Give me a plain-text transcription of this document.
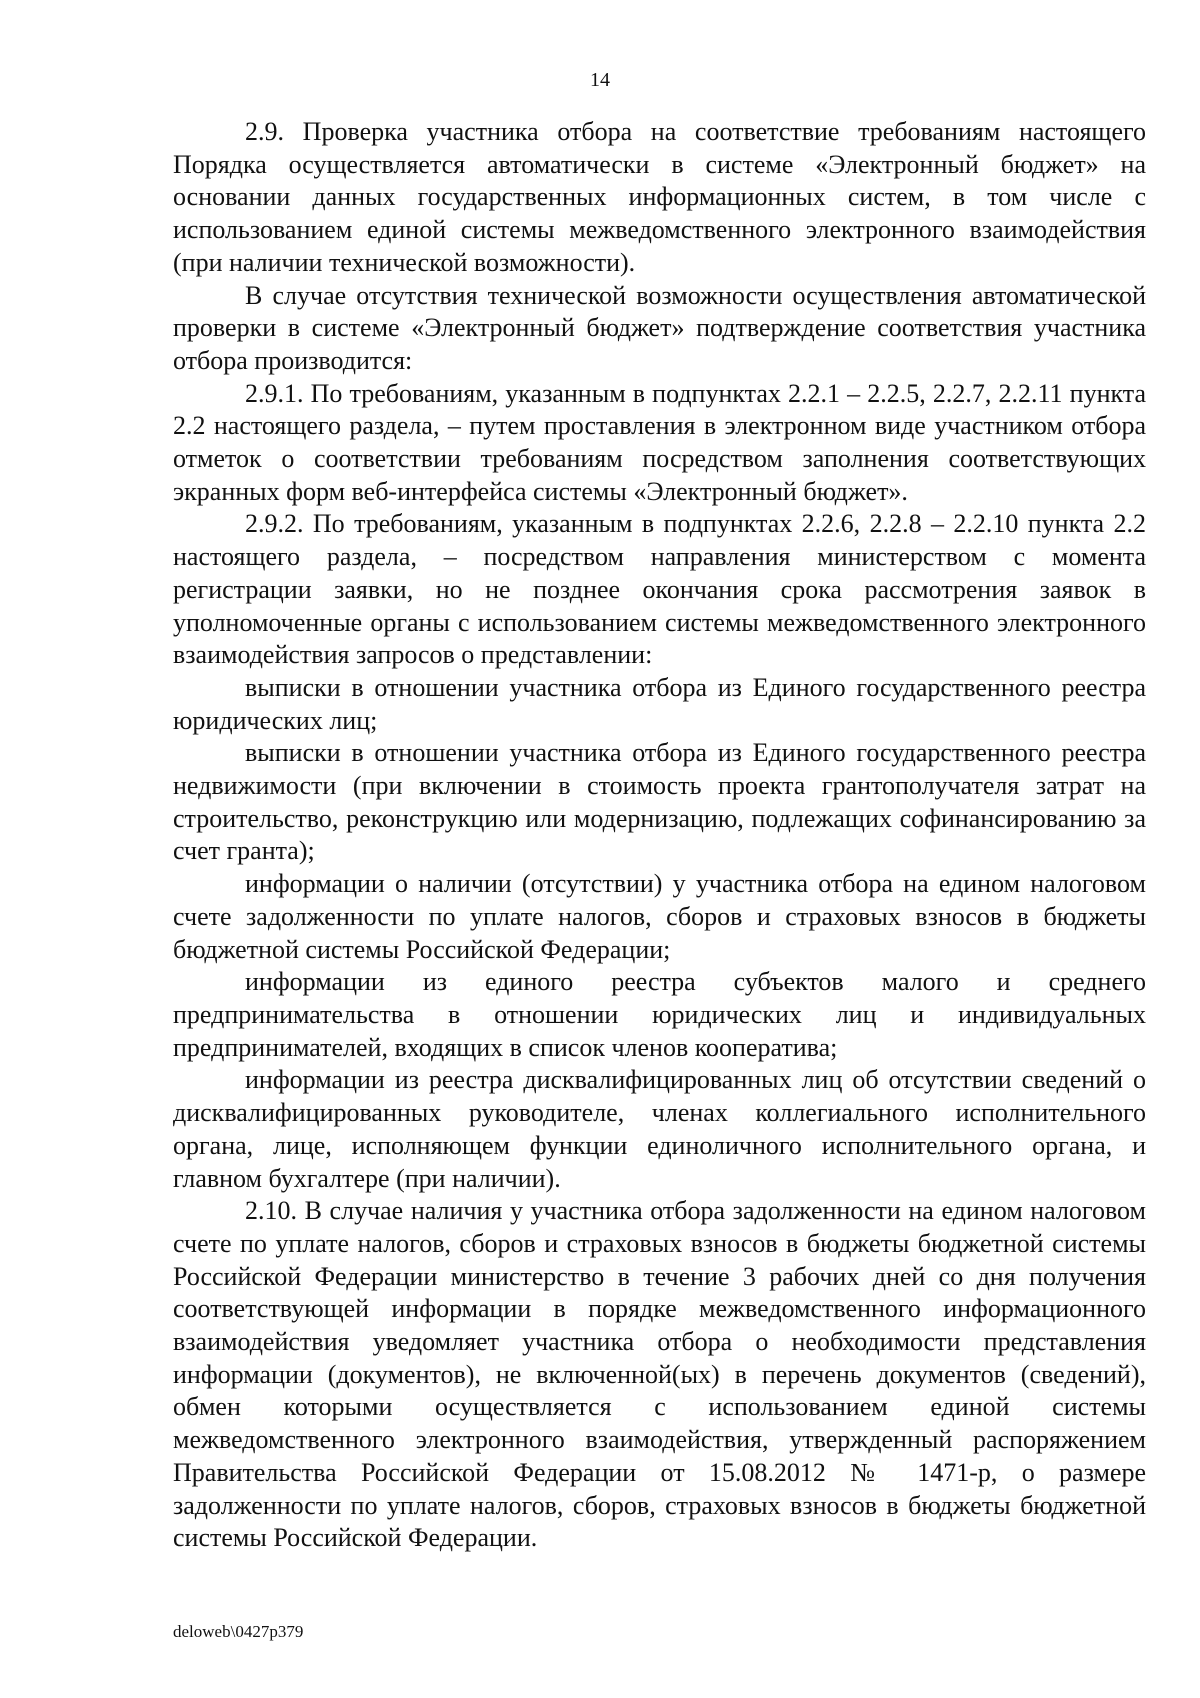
14

2.9. Проверка участника отбора на соответствие требованиям настоящего Порядка осуществляется автоматически в системе «Электронный бюджет» на основании данных государственных информационных систем, в том числе с использованием единой системы межведомственного электронного взаимодействия (при наличии технической возможности).

В случае отсутствия технической возможности осуществления автоматической проверки в системе «Электронный бюджет» подтверждение соответствия участника отбора производится:

2.9.1. По требованиям, указанным в подпунктах 2.2.1 – 2.2.5, 2.2.7, 2.2.11 пункта 2.2 настоящего раздела, – путем проставления в электронном виде участником отбора отметок о соответствии требованиям посредством заполнения соответствующих экранных форм веб-интерфейса системы «Электронный бюджет».

2.9.2. По требованиям, указанным в подпунктах 2.2.6, 2.2.8 – 2.2.10 пункта 2.2 настоящего раздела, – посредством направления министерством с момента регистрации заявки, но не позднее окончания срока рассмотрения заявок в уполномоченные органы с использованием системы межведомственного электронного взаимодействия запросов о представлении:

выписки в отношении участника отбора из Единого государственного реестра юридических лиц;

выписки в отношении участника отбора из Единого государственного реестра недвижимости (при включении в стоимость проекта грантополучателя затрат на строительство, реконструкцию или модернизацию, подлежащих софинансированию за счет гранта);

информации о наличии (отсутствии) у участника отбора на едином налоговом счете задолженности по уплате налогов, сборов и страховых взносов в бюджеты бюджетной системы Российской Федерации;

информации из единого реестра субъектов малого и среднего предпринимательства в отношении юридических лиц и индивидуальных предпринимателей, входящих в список членов кооператива;

информации из реестра дисквалифицированных лиц об отсутствии сведений о дисквалифицированных руководителе, членах коллегиального исполнительного органа, лице, исполняющем функции единоличного исполнительного органа, и главном бухгалтере (при наличии).

2.10. В случае наличия у участника отбора задолженности на едином налоговом счете по уплате налогов, сборов и страховых взносов в бюджеты бюджетной системы Российской Федерации министерство в течение 3 рабочих дней со дня получения соответствующей информации в порядке межведомственного информационного взаимодействия уведомляет участника отбора о необходимости представления информации (документов), не включенной(ых) в перечень документов (сведений), обмен которыми осуществляется с использованием единой системы межведомственного электронного взаимодействия, утвержденный распоряжением Правительства Российской Федерации от 15.08.2012 № 1471-р, о размере задолженности по уплате налогов, сборов, страховых взносов в бюджеты бюджетной системы Российской Федерации.

deloweb\0427p379
